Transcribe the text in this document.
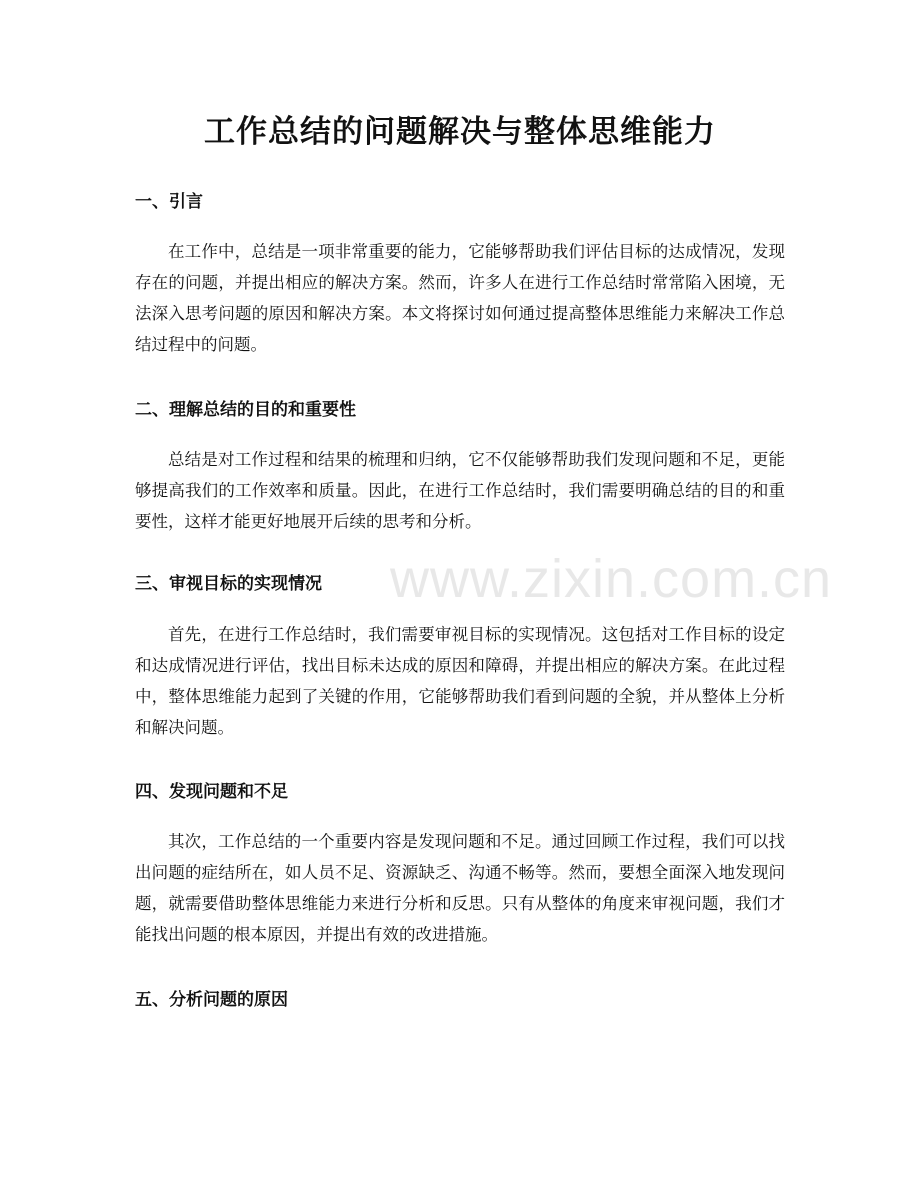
www.zixin.com.cn
工作总结的问题解决与整体思维能力
一、引言

在工作中，总结是一项非常重要的能力，它能够帮助我们评估目标的达成情况，发现存在的问题，并提出相应的解决方案。然而，许多人在进行工作总结时常常陷入困境，无法深入思考问题的原因和解决方案。本文将探讨如何通过提高整体思维能力来解决工作总结过程中的问题。

二、理解总结的目的和重要性

总结是对工作过程和结果的梳理和归纳，它不仅能够帮助我们发现问题和不足，更能够提高我们的工作效率和质量。因此，在进行工作总结时，我们需要明确总结的目的和重要性，这样才能更好地展开后续的思考和分析。

三、审视目标的实现情况

首先，在进行工作总结时，我们需要审视目标的实现情况。这包括对工作目标的设定和达成情况进行评估，找出目标未达成的原因和障碍，并提出相应的解决方案。在此过程中，整体思维能力起到了关键的作用，它能够帮助我们看到问题的全貌，并从整体上分析和解决问题。

四、发现问题和不足

其次，工作总结的一个重要内容是发现问题和不足。通过回顾工作过程，我们可以找出问题的症结所在，如人员不足、资源缺乏、沟通不畅等。然而，要想全面深入地发现问题，就需要借助整体思维能力来进行分析和反思。只有从整体的角度来审视问题，我们才能找出问题的根本原因，并提出有效的改进措施。

五、分析问题的原因
